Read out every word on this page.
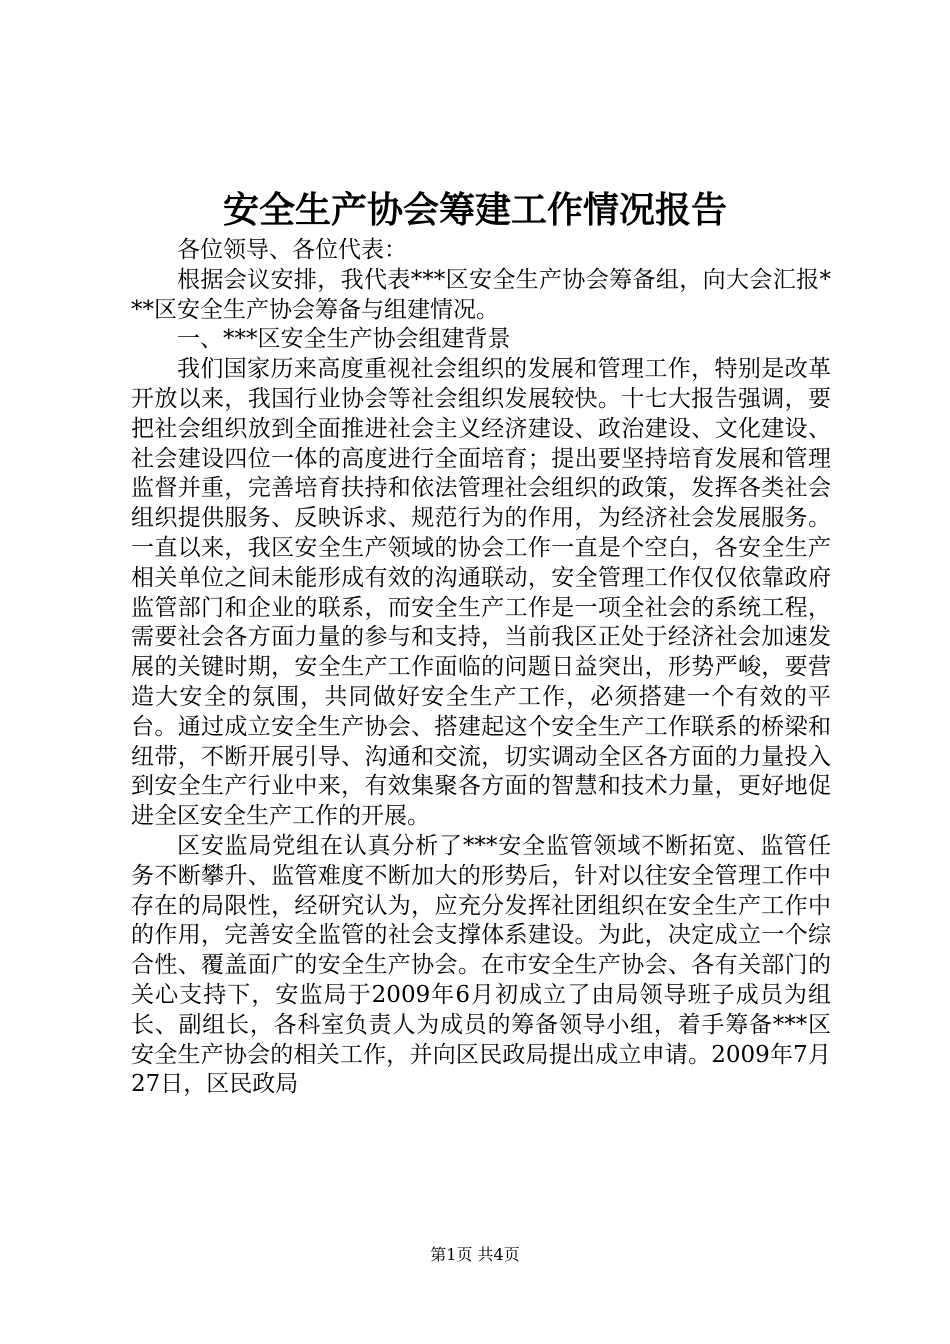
安全生产协会筹建工作情况报告

各位领导、各位代表：

根据会议安排，我代表***区安全生产协会筹备组，向大会汇报***区安全生产协会筹备与组建情况。

一、***区安全生产协会组建背景

我们国家历来高度重视社会组织的发展和管理工作，特别是改革开放以来，我国行业协会等社会组织发展较快。十七大报告强调，要把社会组织放到全面推进社会主义经济建设、政治建设、文化建设、社会建设四位一体的高度进行全面培育；提出要坚持培育发展和管理监督并重，完善培育扶持和依法管理社会组织的政策，发挥各类社会组织提供服务、反映诉求、规范行为的作用，为经济社会发展服务。一直以来，我区安全生产领域的协会工作一直是个空白，各安全生产相关单位之间未能形成有效的沟通联动，安全管理工作仅仅依靠政府监管部门和企业的联系，而安全生产工作是一项全社会的系统工程，需要社会各方面力量的参与和支持，当前我区正处于经济社会加速发展的关键时期，安全生产工作面临的问题日益突出，形势严峻，要营造大安全的氛围，共同做好安全生产工作，必须搭建一个有效的平台。通过成立安全生产协会、搭建起这个安全生产工作联系的桥梁和纽带，不断开展引导、沟通和交流，切实调动全区各方面的力量投入到安全生产行业中来，有效集聚各方面的智慧和技术力量，更好地促进全区安全生产工作的开展。

区安监局党组在认真分析了***安全监管领域不断拓宽、监管任务不断攀升、监管难度不断加大的形势后，针对以往安全管理工作中存在的局限性，经研究认为，应充分发挥社团组织在安全生产工作中的作用，完善安全监管的社会支撑体系建设。为此，决定成立一个综合性、覆盖面广的安全生产协会。在市安全生产协会、各有关部门的关心支持下，安监局于2009年6月初成立了由局领导班子成员为组长、副组长，各科室负责人为成员的筹备领导小组，着手筹备***区安全生产协会的相关工作，并向区民政局提出成立申请。2009年7月27日，区民政局

第1页 共4页
